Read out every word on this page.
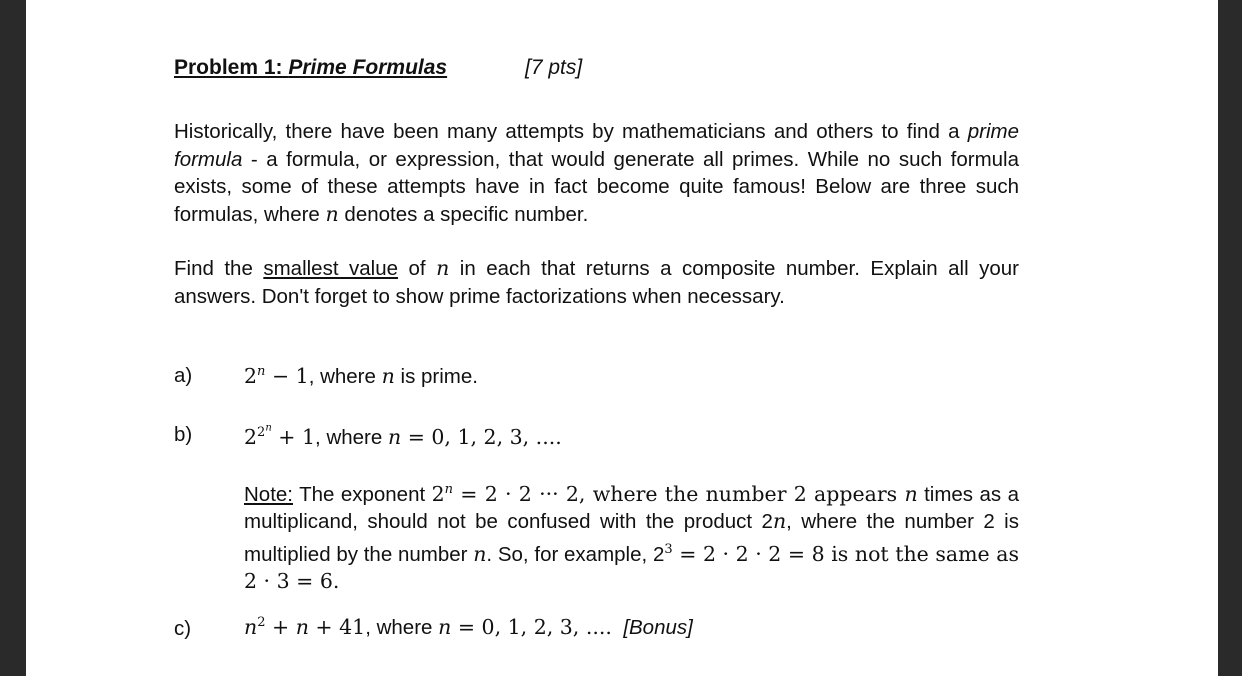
Problem 1: Prime Formulas	[7 pts]
Historically, there have been many attempts by mathematicians and others to find a prime formula - a formula, or expression, that would generate all primes. While no such formula exists, some of these attempts have in fact become quite famous! Below are three such formulas, where n denotes a specific number.
Find the smallest value of n in each that returns a composite number. Explain all your answers. Don't forget to show prime factorizations when necessary.
a)	$2^n - 1$, where n is prime.
b)	$2^{2^n} + 1$, where n = 0, 1, 2, 3, ....
Note: The exponent $2^n = 2 \cdot 2$ ··· 2, where the number 2 appears n times as a multiplicand, should not be confused with the product 2n, where the number 2 is multiplied by the number n. So, for example, $2^3 = 2 \cdot 2 \cdot 2 = 8$ is not the same as 2 · 3 = 6.
c)	$n^2 + n + 41$, where n = 0, 1, 2, 3, .... [Bonus]
